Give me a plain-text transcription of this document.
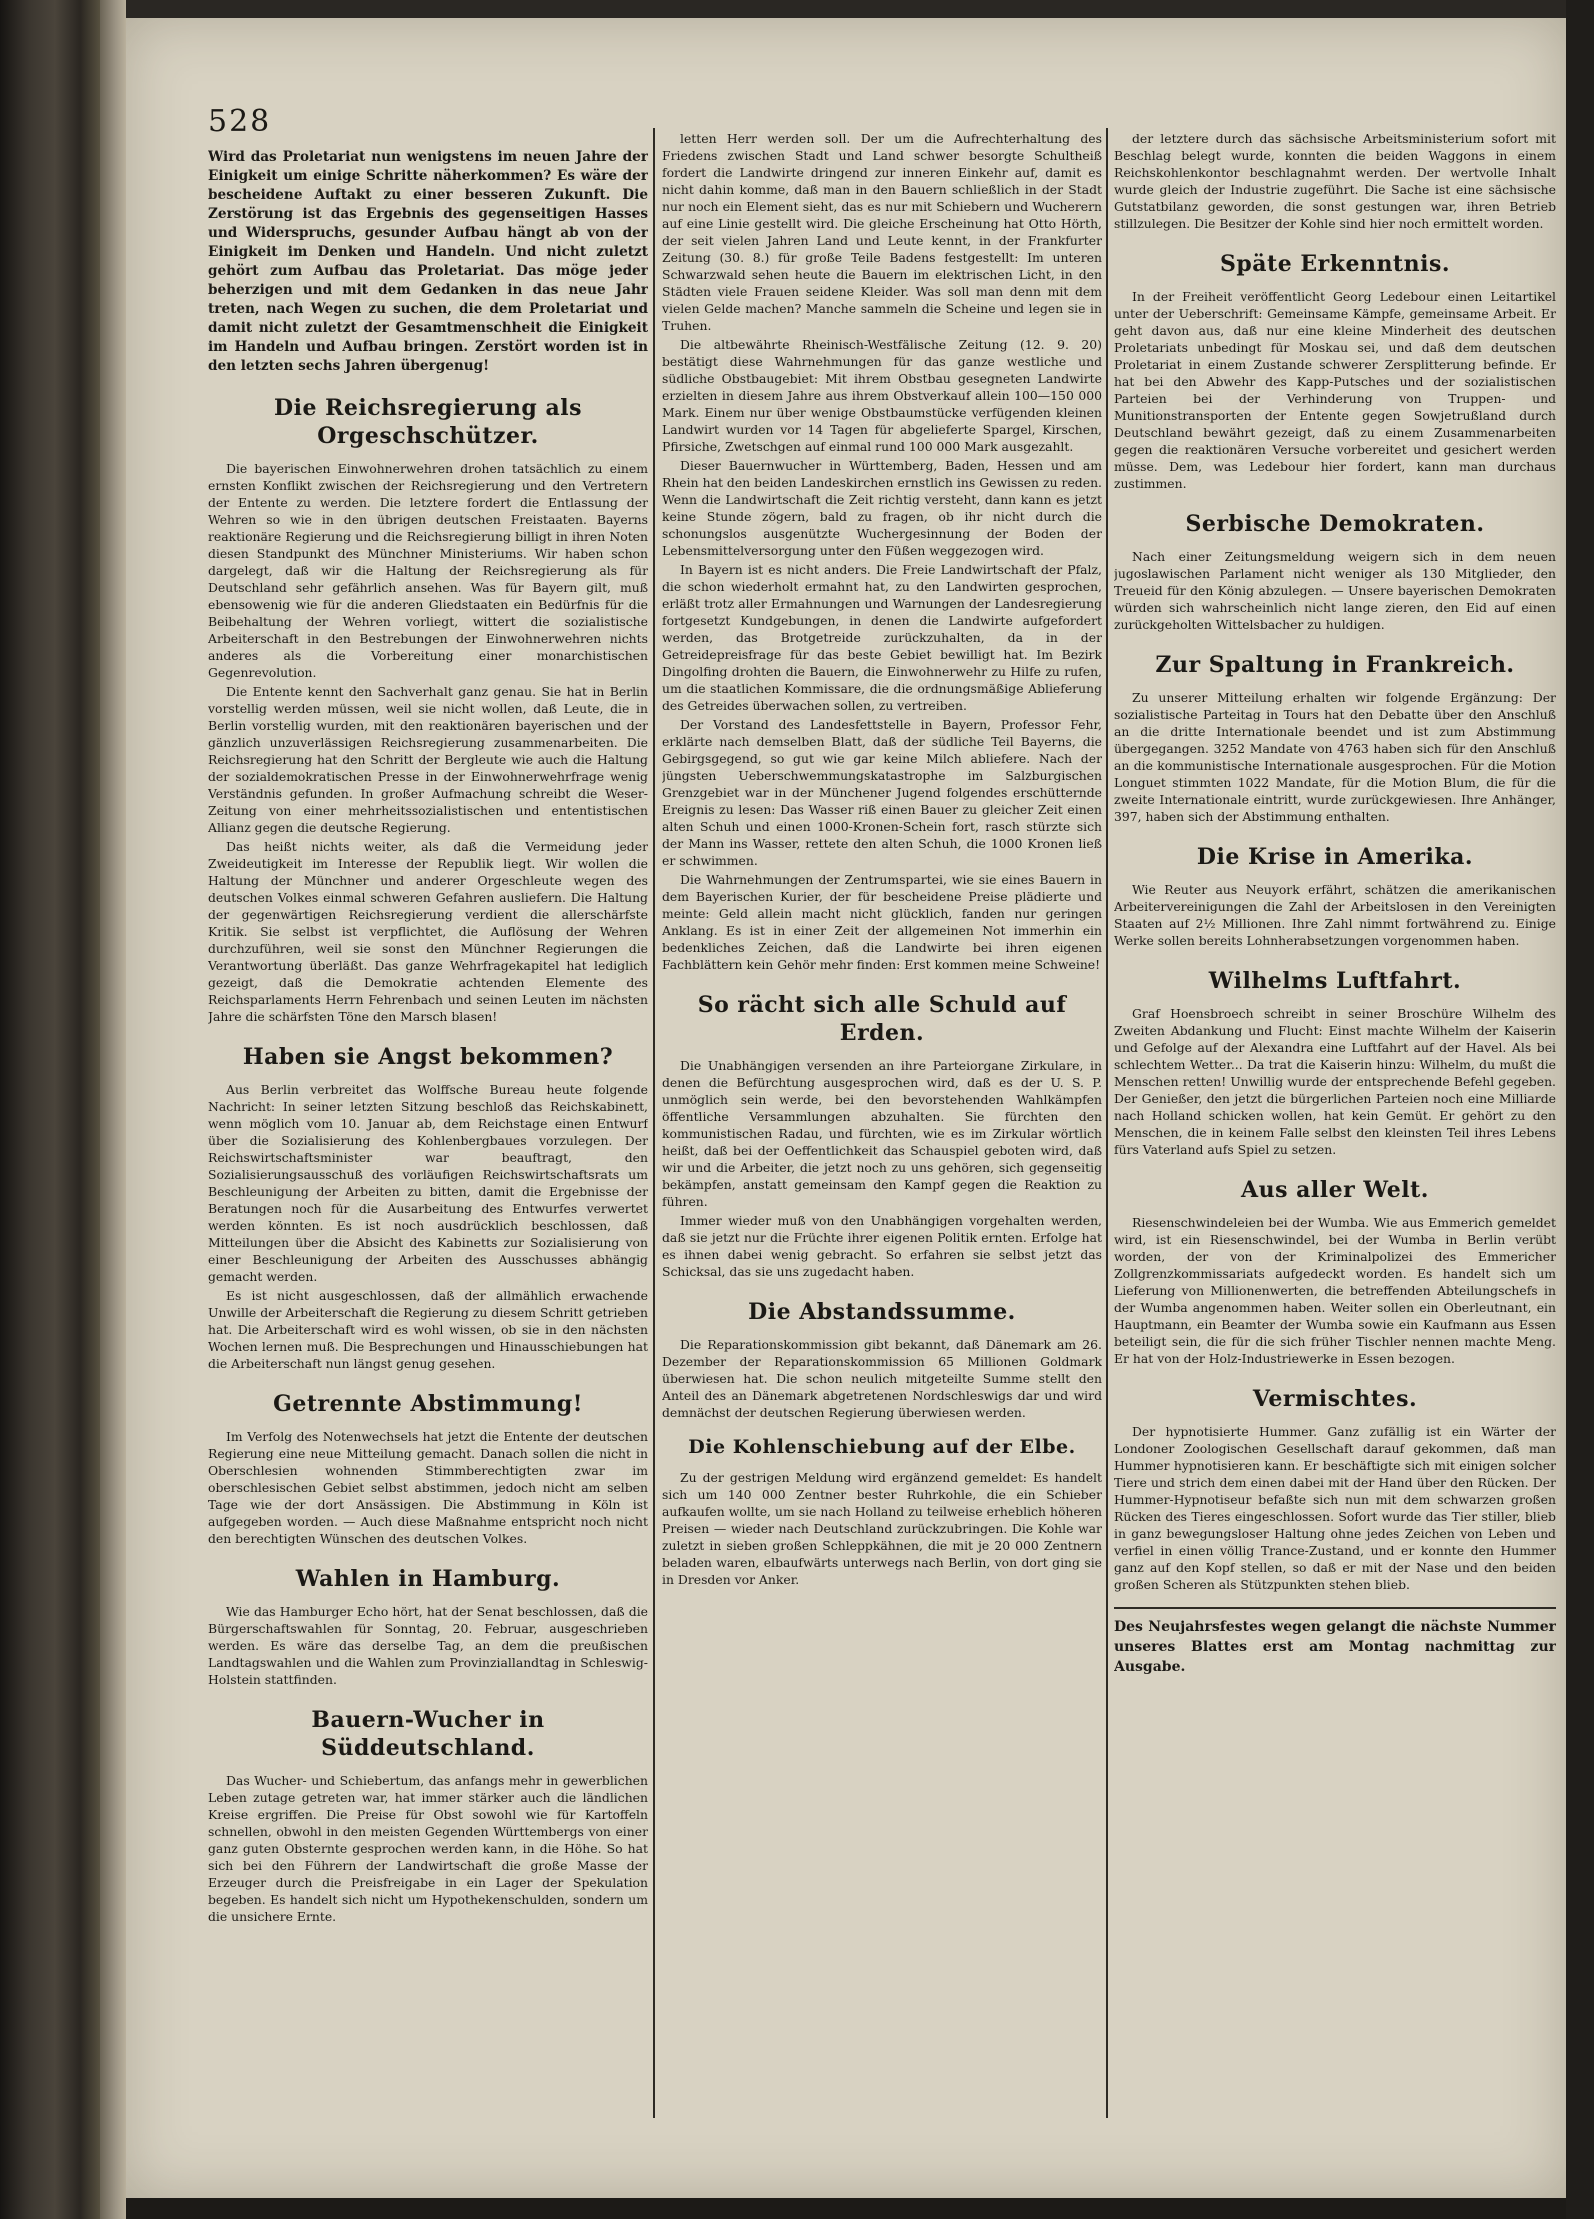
528

Wird das Proletariat nun wenigstens im neuen Jahre der Einigkeit um einige Schritte näherkommen? Es wäre der bescheidene Auftakt zu einer besseren Zukunft. Die Zerstörung ist das Ergebnis des gegenseitigen Hasses und Widerspruchs, gesunder Aufbau hängt ab von der Einigkeit im Denken und Handeln. Und nicht zuletzt gehört zum Aufbau das Proletariat. Das möge jeder beherzigen und mit dem Gedanken in das neue Jahr treten, nach Wegen zu suchen, die dem Proletariat und damit nicht zuletzt der Gesamtmenschheit die Einigkeit im Handeln und Aufbau bringen. Zerstört worden ist in den letzten sechs Jahren übergenug!

Die Reichsregierung als Orgeschschützer.

Die bayerischen Einwohnerwehren drohen tatsächlich zu einem ernsten Konflikt zwischen der Reichsregierung und den Vertretern der Entente zu werden. Die letztere fordert die Entlassung der Wehren so wie in den übrigen deutschen Freistaaten. Bayerns reaktionäre Regierung und die Reichsregierung billigt in ihren Noten diesen Standpunkt des Münchner Ministeriums. Wir haben schon dargelegt, daß wir die Haltung der Reichsregierung als für Deutschland sehr gefährlich ansehen. Was für Bayern gilt, muß ebensowenig wie für die anderen Gliedstaaten ein Bedürfnis für die Beibehaltung der Wehren vorliegt, wittert die sozialistische Arbeiterschaft in den Bestrebungen der Einwohnerwehren nichts anderes als die Vorbereitung einer monarchistischen Gegenrevolution.

Die Entente kennt den Sachverhalt ganz genau. Sie hat in Berlin vorstellig werden müssen, weil sie nicht wollen, daß Leute, die in Berlin vorstellig wurden, mit den reaktionären bayerischen und der gänzlich unzuverlässigen Reichsregierung zusammenarbeiten. Die Reichsregierung hat den Schritt der Bergleute wie auch die Haltung der sozialdemokratischen Presse in der Einwohnerwehrfrage wenig Verständnis gefunden. In großer Aufmachung schreibt die Weser-Zeitung von einer mehrheitssozialistischen und ententistischen Allianz gegen die deutsche Regierung.

Das heißt nichts weiter, als daß die Vermeidung jeder Zweideutigkeit im Interesse der Republik liegt. Wir wollen die Haltung der Münchner und anderer Orgeschleute wegen des deutschen Volkes einmal schweren Gefahren ausliefern. Die Haltung der gegenwärtigen Reichsregierung verdient die allerschärfste Kritik. Sie selbst ist verpflichtet, die Auflösung der Wehren durchzuführen, weil sie sonst den Münchner Regierungen die Verantwortung überläßt. Das ganze Wehrfragekapitel hat lediglich gezeigt, daß die Demokratie achtenden Elemente des Reichsparlaments Herrn Fehrenbach und seinen Leuten im nächsten Jahre die schärfsten Töne den Marsch blasen!

Haben sie Angst bekommen?

Aus Berlin verbreitet das Wolffsche Bureau heute folgende Nachricht: In seiner letzten Sitzung beschloß das Reichskabinett, wenn möglich vom 10. Januar ab, dem Reichstage einen Entwurf über die Sozialisierung des Kohlenbergbaues vorzulegen. Der Reichswirtschaftsminister war beauftragt, den Sozialisierungsausschuß des vorläufigen Reichswirtschaftsrats um Beschleunigung der Arbeiten zu bitten, damit die Ergebnisse der Beratungen noch für die Ausarbeitung des Entwurfes verwertet werden könnten. Es ist noch ausdrücklich beschlossen, daß Mitteilungen über die Absicht des Kabinetts zur Sozialisierung von einer Beschleunigung der Arbeiten des Ausschusses abhängig gemacht werden.

Es ist nicht ausgeschlossen, daß der allmählich erwachende Unwille der Arbeiterschaft die Regierung zu diesem Schritt getrieben hat. Die Arbeiterschaft wird es wohl wissen, ob sie in den nächsten Wochen lernen muß. Die Besprechungen und Hinausschiebungen hat die Arbeiterschaft nun längst genug gesehen.

Getrennte Abstimmung!

Im Verfolg des Notenwechsels hat jetzt die Entente der deutschen Regierung eine neue Mitteilung gemacht. Danach sollen die nicht in Oberschlesien wohnenden Stimmberechtigten zwar im oberschlesischen Gebiet selbst abstimmen, jedoch nicht am selben Tage wie der dort Ansässigen. Die Abstimmung in Köln ist aufgegeben worden. — Auch diese Maßnahme entspricht noch nicht den berechtigten Wünschen des deutschen Volkes.

Wahlen in Hamburg.

Wie das Hamburger Echo hört, hat der Senat beschlossen, daß die Bürgerschaftswahlen für Sonntag, 20. Februar, ausgeschrieben werden. Es wäre das derselbe Tag, an dem die preußischen Landtagswahlen und die Wahlen zum Provinziallandtag in Schleswig-Holstein stattfinden.

Bauern-Wucher in Süddeutschland.

Das Wucher- und Schiebertum, das anfangs mehr in gewerblichen Leben zutage getreten war, hat immer stärker auch die ländlichen Kreise ergriffen. Die Preise für Obst sowohl wie für Kartoffeln schnellen, obwohl in den meisten Gegenden Württembergs von einer ganz guten Obsternte gesprochen werden kann, in die Höhe. So hat sich bei den Führern der Landwirtschaft die große Masse der Erzeuger durch die Preisfreigabe in ein Lager der Spekulation begeben. Es handelt sich nicht um Hypothekenschulden, sondern um die unsichere Ernte.

letten Herr werden soll. Der um die Aufrechterhaltung des Friedens zwischen Stadt und Land schwer besorgte Schultheiß fordert die Landwirte dringend zur inneren Einkehr auf, damit es nicht dahin komme, daß man in den Bauern schließlich in der Stadt nur noch ein Element sieht, das es nur mit Schiebern und Wucherern auf eine Linie gestellt wird. Die gleiche Erscheinung hat Otto Hörth, der seit vielen Jahren Land und Leute kennt, in der Frankfurter Zeitung (30. 8.) für große Teile Badens festgestellt: Im unteren Schwarzwald sehen heute die Bauern im elektrischen Licht, in den Städten viele Frauen seidene Kleider. Was soll man denn mit dem vielen Gelde machen? Manche sammeln die Scheine und legen sie in Truhen.

Die altbewährte Rheinisch-Westfälische Zeitung (12. 9. 20) bestätigt diese Wahrnehmungen für das ganze westliche und südliche Obstbaugebiet: Mit ihrem Obstbau gesegneten Landwirte erzielten in diesem Jahre aus ihrem Obstverkauf allein 100—150 000 Mark. Einem nur über wenige Obstbaumstücke verfügenden kleinen Landwirt wurden vor 14 Tagen für abgelieferte Spargel, Kirschen, Pfirsiche, Zwetschgen auf einmal rund 100 000 Mark ausgezahlt.

Dieser Bauernwucher in Württemberg, Baden, Hessen und am Rhein hat den beiden Landeskirchen ernstlich ins Gewissen zu reden. Wenn die Landwirtschaft die Zeit richtig versteht, dann kann es jetzt keine Stunde zögern, bald zu fragen, ob ihr nicht durch die schonungslos ausgenützte Wuchergesinnung der Boden der Lebensmittelversorgung unter den Füßen weggezogen wird.

In Bayern ist es nicht anders. Die Freie Landwirtschaft der Pfalz, die schon wiederholt ermahnt hat, zu den Landwirten gesprochen, erläßt trotz aller Ermahnungen und Warnungen der Landesregierung fortgesetzt Kundgebungen, in denen die Landwirte aufgefordert werden, das Brotgetreide zurückzuhalten, da in der Getreidepreisfrage für das beste Gebiet bewilligt hat. Im Bezirk Dingolfing drohten die Bauern, die Einwohnerwehr zu Hilfe zu rufen, um die staatlichen Kommissare, die die ordnungsmäßige Ablieferung des Getreides überwachen sollen, zu vertreiben.

Der Vorstand des Landesfettstelle in Bayern, Professor Fehr, erklärte nach demselben Blatt, daß der südliche Teil Bayerns, die Gebirgsgegend, so gut wie gar keine Milch abliefere. Nach der jüngsten Ueberschwemmungskatastrophe im Salzburgischen Grenzgebiet war in der Münchener Jugend folgendes erschütternde Ereignis zu lesen: Das Wasser riß einen Bauer zu gleicher Zeit einen alten Schuh und einen 1000-Kronen-Schein fort, rasch stürzte sich der Mann ins Wasser, rettete den alten Schuh, die 1000 Kronen ließ er schwimmen.

Die Wahrnehmungen der Zentrumspartei, wie sie eines Bauern in dem Bayerischen Kurier, der für bescheidene Preise plädierte und meinte: Geld allein macht nicht glücklich, fanden nur geringen Anklang. Es ist in einer Zeit der allgemeinen Not immerhin ein bedenkliches Zeichen, daß die Landwirte bei ihren eigenen Fachblättern kein Gehör mehr finden: Erst kommen meine Schweine!

So rächt sich alle Schuld auf Erden.

Die Unabhängigen versenden an ihre Parteiorgane Zirkulare, in denen die Befürchtung ausgesprochen wird, daß es der U. S. P. unmöglich sein werde, bei den bevorstehenden Wahlkämpfen öffentliche Versammlungen abzuhalten. Sie fürchten den kommunistischen Radau, und fürchten, wie es im Zirkular wörtlich heißt, daß bei der Oeffentlichkeit das Schauspiel geboten wird, daß wir und die Arbeiter, die jetzt noch zu uns gehören, sich gegenseitig bekämpfen, anstatt gemeinsam den Kampf gegen die Reaktion zu führen.

Immer wieder muß von den Unabhängigen vorgehalten werden, daß sie jetzt nur die Früchte ihrer eigenen Politik ernten. Erfolge hat es ihnen dabei wenig gebracht. So erfahren sie selbst jetzt das Schicksal, das sie uns zugedacht haben.

Die Abstandssumme.

Die Reparationskommission gibt bekannt, daß Dänemark am 26. Dezember der Reparationskommission 65 Millionen Goldmark überwiesen hat. Die schon neulich mitgeteilte Summe stellt den Anteil des an Dänemark abgetretenen Nordschleswigs dar und wird demnächst der deutschen Regierung überwiesen werden.

Die Kohlenschiebung auf der Elbe.

Zu der gestrigen Meldung wird ergänzend gemeldet: Es handelt sich um 140 000 Zentner bester Ruhrkohle, die ein Schieber aufkaufen wollte, um sie nach Holland zu teilweise erheblich höheren Preisen — wieder nach Deutschland zurückzubringen. Die Kohle war zuletzt in sieben großen Schleppkähnen, die mit je 20 000 Zentnern beladen waren, elbaufwärts unterwegs nach Berlin, von dort ging sie in Dresden vor Anker.

der letztere durch das sächsische Arbeitsministerium sofort mit Beschlag belegt wurde, konnten die beiden Waggons in einem Reichskohlenkontor beschlagnahmt werden. Der wertvolle Inhalt wurde gleich der Industrie zugeführt. Die Sache ist eine sächsische Gutstatbilanz geworden, die sonst gestungen war, ihren Betrieb stillzulegen. Die Besitzer der Kohle sind hier noch ermittelt worden.

Späte Erkenntnis.

In der Freiheit veröffentlicht Georg Ledebour einen Leitartikel unter der Ueberschrift: Gemeinsame Kämpfe, gemeinsame Arbeit. Er geht davon aus, daß nur eine kleine Minderheit des deutschen Proletariats unbedingt für Moskau sei, und daß dem deutschen Proletariat in einem Zustande schwerer Zersplitterung befinde. Er hat bei den Abwehr des Kapp-Putsches und der sozialistischen Parteien bei der Verhinderung von Truppen- und Munitionstransporten der Entente gegen Sowjetrußland durch Deutschland bewährt gezeigt, daß zu einem Zusammenarbeiten gegen die reaktionären Versuche vorbereitet und gesichert werden müsse. Dem, was Ledebour hier fordert, kann man durchaus zustimmen.

Serbische Demokraten.

Nach einer Zeitungsmeldung weigern sich in dem neuen jugoslawischen Parlament nicht weniger als 130 Mitglieder, den Treueid für den König abzulegen. — Unsere bayerischen Demokraten würden sich wahrscheinlich nicht lange zieren, den Eid auf einen zurückgeholten Wittelsbacher zu huldigen.

Zur Spaltung in Frankreich.

Zu unserer Mitteilung erhalten wir folgende Ergänzung: Der sozialistische Parteitag in Tours hat den Debatte über den Anschluß an die dritte Internationale beendet und ist zum Abstimmung übergegangen. 3252 Mandate von 4763 haben sich für den Anschluß an die kommunistische Internationale ausgesprochen. Für die Motion Longuet stimmten 1022 Mandate, für die Motion Blum, die für die zweite Internationale eintritt, wurde zurückgewiesen. Ihre Anhänger, 397, haben sich der Abstimmung enthalten.

Die Krise in Amerika.

Wie Reuter aus Neuyork erfährt, schätzen die amerikanischen Arbeitervereinigungen die Zahl der Arbeitslosen in den Vereinigten Staaten auf 2½ Millionen. Ihre Zahl nimmt fortwährend zu. Einige Werke sollen bereits Lohnherabsetzungen vorgenommen haben.

Wilhelms Luftfahrt.

Graf Hoensbroech schreibt in seiner Broschüre Wilhelm des Zweiten Abdankung und Flucht: Einst machte Wilhelm der Kaiserin und Gefolge auf der Alexandra eine Luftfahrt auf der Havel. Als bei schlechtem Wetter... Da trat die Kaiserin hinzu: Wilhelm, du mußt die Menschen retten! Unwillig wurde der entsprechende Befehl gegeben. Der Genießer, den jetzt die bürgerlichen Parteien noch eine Milliarde nach Holland schicken wollen, hat kein Gemüt. Er gehört zu den Menschen, die in keinem Falle selbst den kleinsten Teil ihres Lebens fürs Vaterland aufs Spiel zu setzen.

Aus aller Welt.

Riesenschwindeleien bei der Wumba. Wie aus Emmerich gemeldet wird, ist ein Riesenschwindel, bei der Wumba in Berlin verübt worden, der von der Kriminalpolizei des Emmericher Zollgrenzkommissariats aufgedeckt worden. Es handelt sich um Lieferung von Millionenwerten, die betreffenden Abteilungschefs in der Wumba angenommen haben. Weiter sollen ein Oberleutnant, ein Hauptmann, ein Beamter der Wumba sowie ein Kaufmann aus Essen beteiligt sein, die für die sich früher Tischler nennen machte Meng. Er hat von der Holz-Industriewerke in Essen bezogen.

Vermischtes.

Der hypnotisierte Hummer. Ganz zufällig ist ein Wärter der Londoner Zoologischen Gesellschaft darauf gekommen, daß man Hummer hypnotisieren kann. Er beschäftigte sich mit einigen solcher Tiere und strich dem einen dabei mit der Hand über den Rücken. Der Hummer-Hypnotiseur befaßte sich nun mit dem schwarzen großen Rücken des Tieres eingeschlossen. Sofort wurde das Tier stiller, blieb in ganz bewegungsloser Haltung ohne jedes Zeichen von Leben und verfiel in einen völlig Trance-Zustand, und er konnte den Hummer ganz auf den Kopf stellen, so daß er mit der Nase und den beiden großen Scheren als Stützpunkten stehen blieb.

Des Neujahrsfestes wegen gelangt die nächste Nummer unseres Blattes erst am Montag nachmittag zur Ausgabe.
